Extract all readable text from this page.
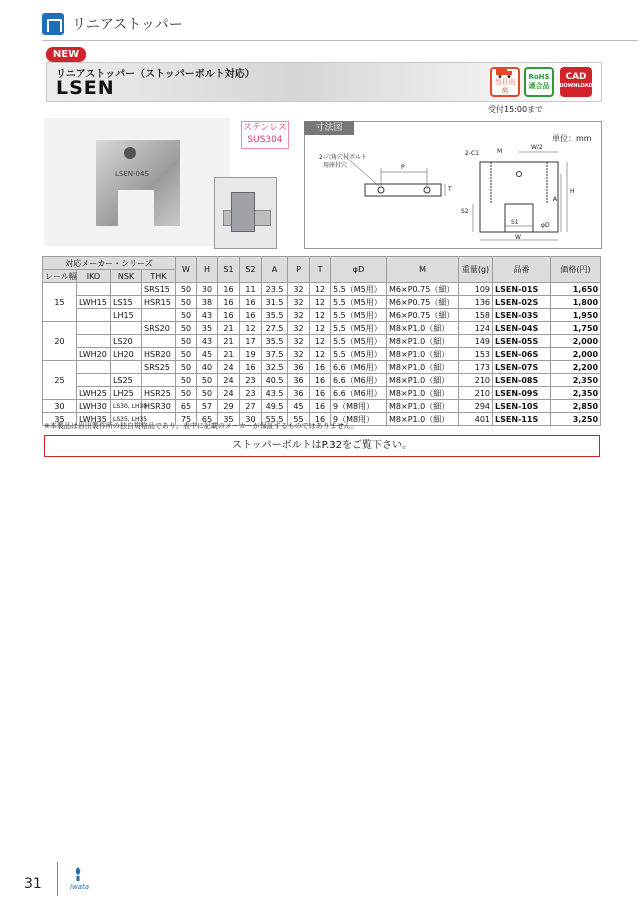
リニアストッパー
NEW
リニアストッパー（ストッパーボルト対応）
LSEN	当日出荷
RoHS
適合品
CAD
DOWNLOAD
受付15:00まで
LSEN-04S
ステンレス
SUS304
2-六角穴付ボルト
用座付穴	P
T
S2
M
W/2
2-C1
A
H
S1
W
φD
寸法図
単位：mm
対応メーカー・シリーズ				W	H	S1	S2	A	P	T	φD	M	重量(g)	品番	価格(円)
レール幅	IKO	NSK	THK												
15			SRS15	50	30	16	11	23.5	32	12	5.5（M5用）	M6×P0.75（細）	109	LSEN-01S	1,650
	LWH15	LS15	HSR15	50	38	16	16	31.5	32	12	5.5（M5用）	M6×P0.75（細）	136	LSEN-02S	1,800
		LH15		50	43	16	16	35.5	32	12	5.5（M5用）	M6×P0.75（細）	158	LSEN-03S	1,950
20			SRS20	50	35	21	12	27.5	32	12	5.5（M5用）	M8×P1.0（細）	124	LSEN-04S	1,750
		LS20		50	43	21	17	35.5	32	12	5.5（M5用）	M8×P1.0（細）	149	LSEN-05S	2,000
	LWH20	LH20	HSR20	50	45	21	19	37.5	32	12	5.5（M5用）	M8×P1.0（細）	153	LSEN-06S	2,000
25			SRS25	50	40	24	16	32.5	36	16	6.6（M6用）	M8×P1.0（細）	173	LSEN-07S	2,200
		LS25		50	50	24	23	40.5	36	16	6.6（M6用）	M8×P1.0（細）	210	LSEN-08S	2,350
	LWH25	LH25	HSR25	50	50	24	23	43.5	36	16	6.6（M6用）	M8×P1.0（細）	210	LSEN-09S	2,350
30	LWH30	LS30, LH30	HSR30	65	57	29	27	49.5	45	16	9（M8用）	M8×P1.0（細）	294	LSEN-10S	2,850
35	LWH35	LS35, LH35		75	65	35	30	55.5	55	16	9（M8用）	M8×P1.0（細）	401	LSEN-11S	3,250
※本製品は岩田製作所の独自規格品であり、表中に記載のメーカーが保証するものではありません。
ストッパーボルトはP.32をご覧下さい。
31	iwata
